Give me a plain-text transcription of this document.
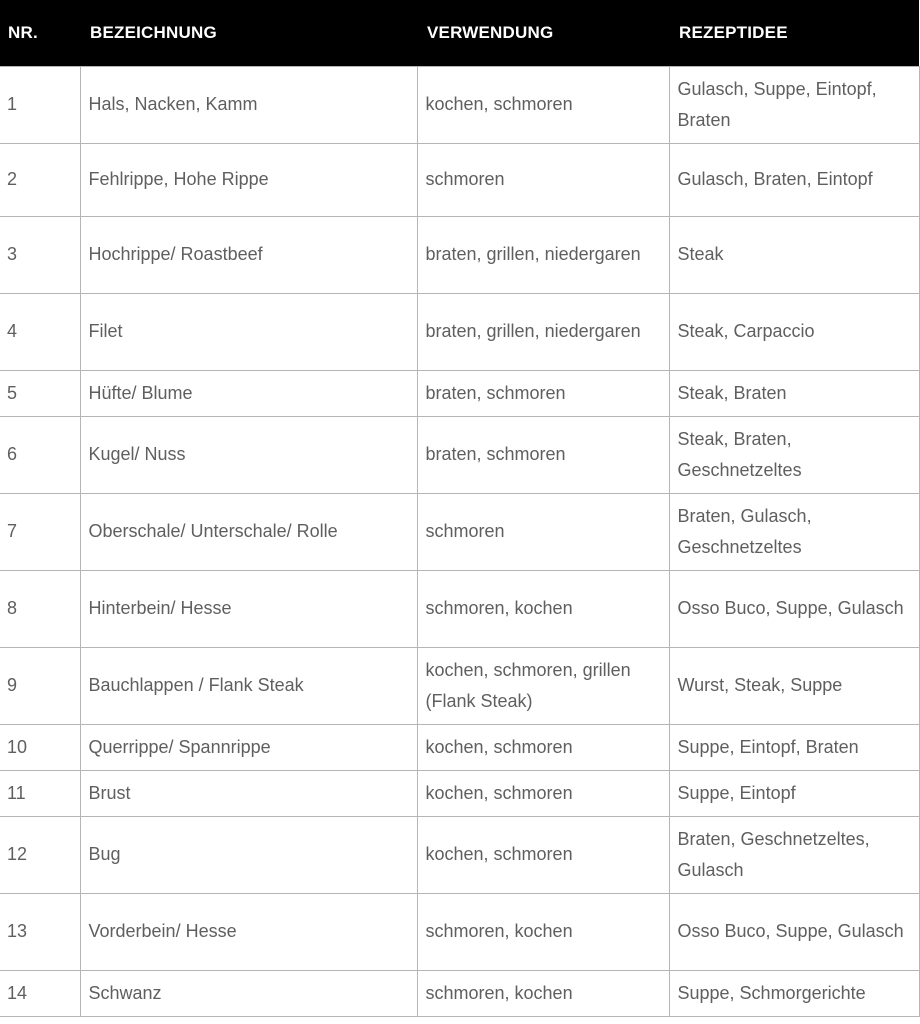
NR.	BEZEICHNUNG	VERWENDUNG	REZEPTIDEE
1	Hals, Nacken, Kamm	kochen, schmoren	Gulasch, Suppe, Eintopf, Braten
2	Fehlrippe, Hohe Rippe	schmoren	Gulasch, Braten, Eintopf
3	Hochrippe/ Roastbeef	braten, grillen, niedergaren	Steak
4	Filet	braten, grillen, niedergaren	Steak, Carpaccio
5	Hüfte/ Blume	braten, schmoren	Steak, Braten
6	Kugel/ Nuss	braten, schmoren	Steak, Braten, Geschnetzeltes
7	Oberschale/ Unterschale/ Rolle	schmoren	Braten, Gulasch, Geschnetzeltes
8	Hinterbein/ Hesse	schmoren, kochen	Osso Buco, Suppe, Gulasch
9	Bauchlappen / Flank Steak	kochen, schmoren, grillen (Flank Steak)	Wurst, Steak, Suppe
10	Querrippe/ Spannrippe	kochen, schmoren	Suppe, Eintopf, Braten
11	Brust	kochen, schmoren	Suppe, Eintopf
12	Bug	kochen, schmoren	Braten, Geschnetzeltes, Gulasch
13	Vorderbein/ Hesse	schmoren, kochen	Osso Buco, Suppe, Gulasch
14	Schwanz	schmoren, kochen	Suppe, Schmorgerichte
